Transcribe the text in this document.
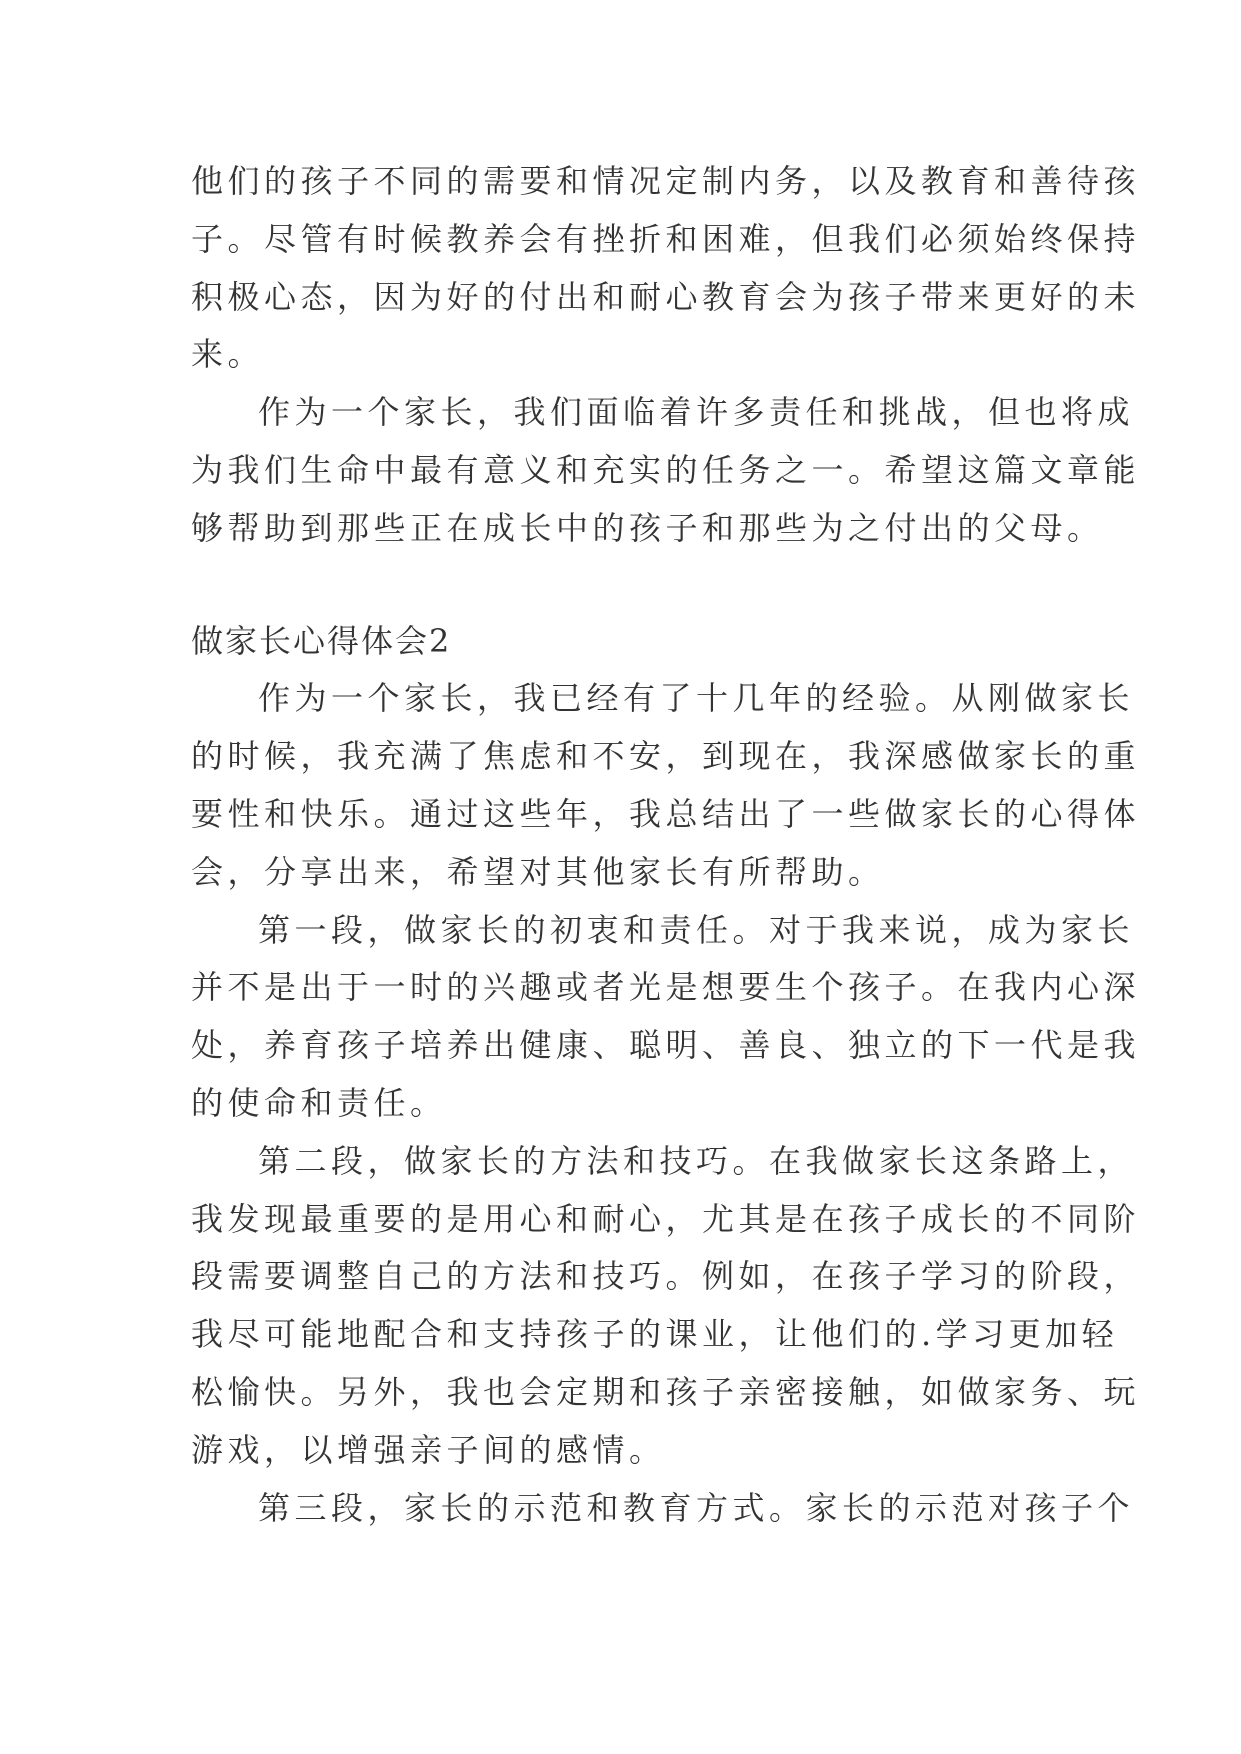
他们的孩子不同的需要和情况定制内务，以及教育和善待孩
子。尽管有时候教养会有挫折和困难，但我们必须始终保持
积极心态，因为好的付出和耐心教育会为孩子带来更好的未
来。
作为一个家长，我们面临着许多责任和挑战，但也将成
为我们生命中最有意义和充实的任务之一。希望这篇文章能
够帮助到那些正在成长中的孩子和那些为之付出的父母。
做家长心得体会2
作为一个家长，我已经有了十几年的经验。从刚做家长
的时候，我充满了焦虑和不安，到现在，我深感做家长的重
要性和快乐。通过这些年，我总结出了一些做家长的心得体
会，分享出来，希望对其他家长有所帮助。
第一段，做家长的初衷和责任。对于我来说，成为家长
并不是出于一时的兴趣或者光是想要生个孩子。在我内心深
处，养育孩子培养出健康、聪明、善良、独立的下一代是我
的使命和责任。
第二段，做家长的方法和技巧。在我做家长这条路上，
我发现最重要的是用心和耐心，尤其是在孩子成长的不同阶
段需要调整自己的方法和技巧。例如，在孩子学习的阶段，
我尽可能地配合和支持孩子的课业，让他们的.学习更加轻
松愉快。另外，我也会定期和孩子亲密接触，如做家务、玩
游戏，以增强亲子间的感情。
第三段，家长的示范和教育方式。家长的示范对孩子个
